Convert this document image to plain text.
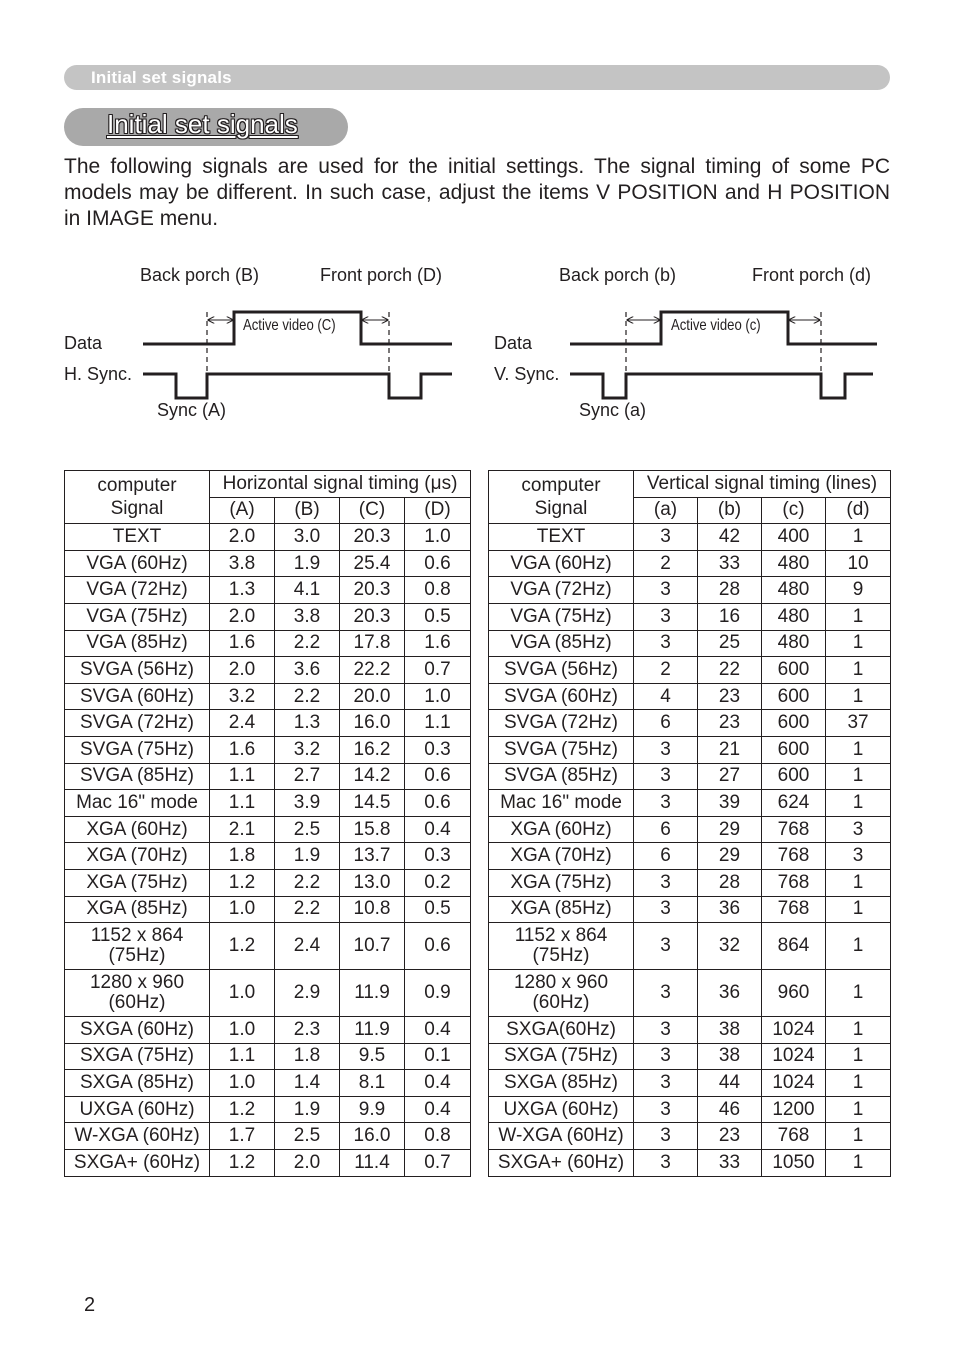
Initial set signals
Initial set signals

The following signals are used for the initial settings. The signal timing of some PC models may be different. In such case, adjust the items V POSITION and H POSITION in IMAGE menu.

Back porch (B)	Front porch (D)
Active video (C)
Data
H. Sync.
Sync (A)
Back porch (b)	Front porch (d)
Active video (c)
Data
V. Sync.
Sync (a)
computer
Signal	Horizontal signal timing (μs)			
	(A)	(B)	(C)	(D)
TEXT	2.0	3.0	20.3	1.0
VGA (60Hz)	3.8	1.9	25.4	0.6
VGA (72Hz)	1.3	4.1	20.3	0.8
VGA (75Hz)	2.0	3.8	20.3	0.5
VGA (85Hz)	1.6	2.2	17.8	1.6
SVGA (56Hz)	2.0	3.6	22.2	0.7
SVGA (60Hz)	3.2	2.2	20.0	1.0
SVGA (72Hz)	2.4	1.3	16.0	1.1
SVGA (75Hz)	1.6	3.2	16.2	0.3
SVGA (85Hz)	1.1	2.7	14.2	0.6
Mac 16" mode	1.1	3.9	14.5	0.6
XGA (60Hz)	2.1	2.5	15.8	0.4
XGA (70Hz)	1.8	1.9	13.7	0.3
XGA (75Hz)	1.2	2.2	13.0	0.2
XGA (85Hz)	1.0	2.2	10.8	0.5
1152 x 864
(75Hz)	1.2	2.4	10.7	0.6
1280 x 960
(60Hz)	1.0	2.9	11.9	0.9
SXGA (60Hz)	1.0	2.3	11.9	0.4
SXGA (75Hz)	1.1	1.8	9.5	0.1
SXGA (85Hz)	1.0	1.4	8.1	0.4
UXGA (60Hz)	1.2	1.9	9.9	0.4
W-XGA (60Hz)	1.7	2.5	16.0	0.8
SXGA+ (60Hz)	1.2	2.0	11.4	0.7
computer
Signal	Vertical signal timing (lines)			
	(a)	(b)	(c)	(d)
TEXT	3	42	400	1
VGA (60Hz)	2	33	480	10
VGA (72Hz)	3	28	480	9
VGA (75Hz)	3	16	480	1
VGA (85Hz)	3	25	480	1
SVGA (56Hz)	2	22	600	1
SVGA (60Hz)	4	23	600	1
SVGA (72Hz)	6	23	600	37
SVGA (75Hz)	3	21	600	1
SVGA (85Hz)	3	27	600	1
Mac 16" mode	3	39	624	1
XGA (60Hz)	6	29	768	3
XGA (70Hz)	6	29	768	3
XGA (75Hz)	3	28	768	1
XGA (85Hz)	3	36	768	1
1152 x 864
(75Hz)	3	32	864	1
1280 x 960
(60Hz)	3	36	960	1
SXGA(60Hz)	3	38	1024	1
SXGA (75Hz)	3	38	1024	1
SXGA (85Hz)	3	44	1024	1
UXGA (60Hz)	3	46	1200	1
W-XGA (60Hz)	3	23	768	1
SXGA+ (60Hz)	3	33	1050	1
2
